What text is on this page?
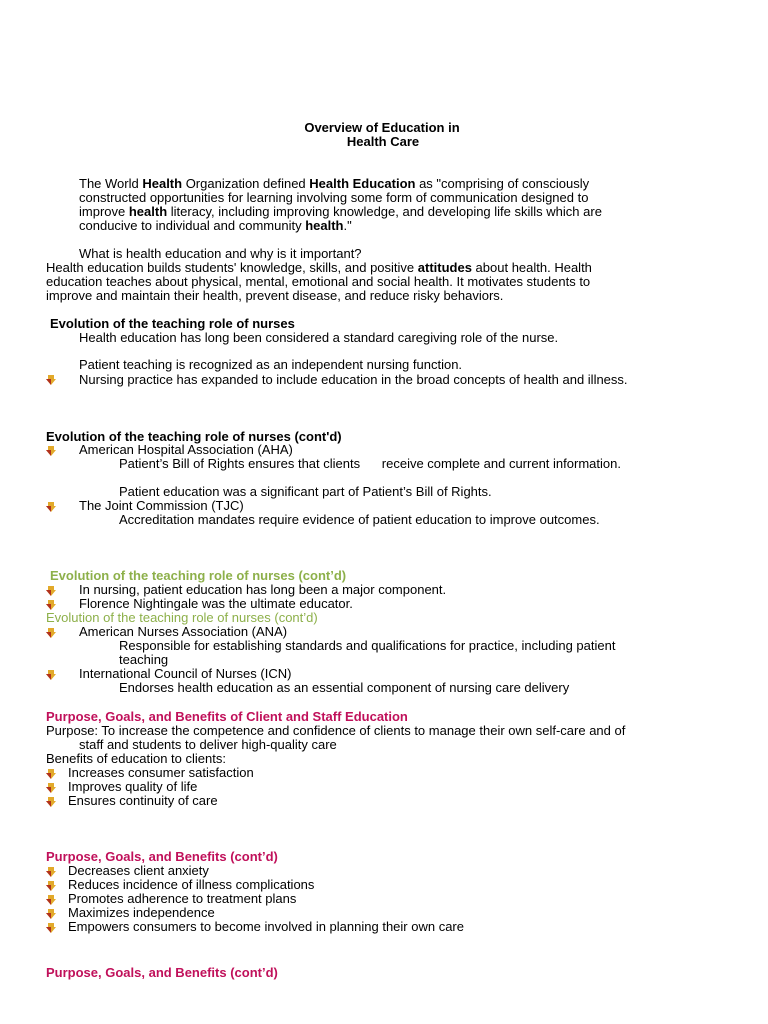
Overview of Education in
Health Care
The World Health Organization defined Health Education as "comprising of consciously
constructed opportunities for learning involving some form of communication designed to
improve health literacy, including improving knowledge, and developing life skills which are
conducive to individual and community health."
What is health education and why is it important?
Health education builds students' knowledge, skills, and positive attitudes about health. Health
education teaches about physical, mental, emotional and social health. It motivates students to
improve and maintain their health, prevent disease, and reduce risky behaviors.
Evolution of the teaching role of nurses
Health education has long been considered a standard caregiving role of the nurse.
Patient teaching is recognized as an independent nursing function.
Nursing practice has expanded to include education in the broad concepts of health and illness.
Evolution of the teaching role of nurses (cont'd)
American Hospital Association (AHA)
Patient’s Bill of Rights ensures that clients      receive complete and current information.
Patient education was a significant part of Patient’s Bill of Rights.
The Joint Commission (TJC)
Accreditation mandates require evidence of patient education to improve outcomes.
Evolution of the teaching role of nurses (cont’d)
In nursing, patient education has long been a major component.
Florence Nightingale was the ultimate educator.
Evolution of the teaching role of nurses (cont’d)
American Nurses Association (ANA)
Responsible for establishing standards and qualifications for practice, including patient
teaching
International Council of Nurses (ICN)
Endorses health education as an essential component of nursing care delivery
Purpose, Goals, and Benefits of Client and Staff Education
Purpose: To increase the competence and confidence of clients to manage their own self-care and of
staff and students to deliver high-quality care
Benefits of education to clients:
Increases consumer satisfaction
Improves quality of life
Ensures continuity of care
Purpose, Goals, and Benefits (cont’d)
Decreases client anxiety
Reduces incidence of illness complications
Promotes adherence to treatment plans
Maximizes independence
Empowers consumers to become involved in planning their own care
Purpose, Goals, and Benefits (cont’d)
